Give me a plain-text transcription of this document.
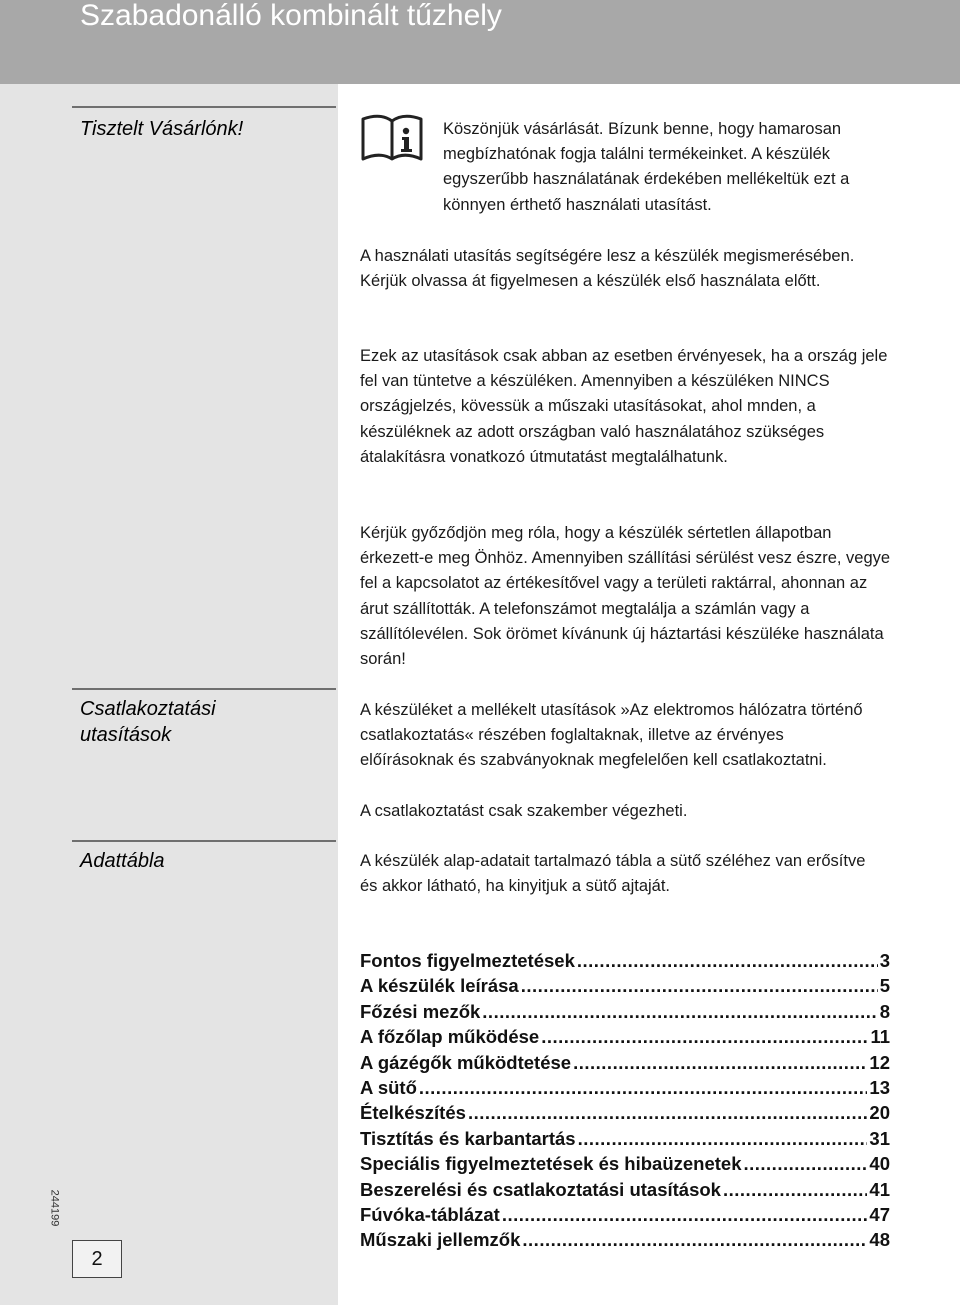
Szabadonálló kombinált tűzhely
Tisztelt Vásárlónk!	Köszönjük vásárlását. Bízunk benne, hogy hamarosan megbízhatónak fogja találni termékeinket. A készülék egyszerűbb használatának érdekében mellékeltük ezt a könnyen érthető használati utasítást.

A használati utasítás segítségére lesz a készülék megismerésében. Kérjük olvassa át figyelmesen a készülék első használata előtt.

Ezek az utasítások csak abban az esetben érvényesek, ha a ország jele fel van tüntetve a készüléken. Amennyiben a készüléken NINCS országjelzés, kövessük a műszaki utasításokat, ahol mnden, a készüléknek az adott országban való használatához szükséges átalakításra vonatkozó útmutatást megtalálhatunk.

Kérjük győződjön meg róla, hogy a készülék sértetlen állapotban érkezett-e meg Önhöz. Amennyiben szállítási sérülést vesz észre, vegye fel a kapcsolatot az értékesítővel vagy a területi raktárral, ahonnan az árut szállították. A telefonszámot megtalálja a számlán vagy a szállítólevélen. Sok örömet kívánunk új háztartási készüléke használata során!

Csatlakoztatási
utasítások

A készüléket a mellékelt utasítások »Az elektromos hálózatra történő csatlakoztatás« részében foglaltaknak, illetve az érvényes előírásoknak és szabványoknak megfelelően kell csatlakoztatni.

A csatlakoztatást csak szakember végezheti.

Adattábla	A készülék alap-adatait tartalmazó tábla a sütő széléhez van erősítve és akkor látható, ha kinyitjuk a sütő ajtaját.

Fontos figyelmeztetések .....	3
A készülék leírása .....	5
Főzési mezők .....	8
A főzőlap működése .....	11
A gázégők működtetése .....	12
A sütő .....	13
Ételkészítés .....	20
Tisztítás és karbantartás .....	31
Speciális figyelmeztetések és hibaüzenetek .....	40
Beszerelési és csatlakoztatási utasítások .....	41
Fúvóka-táblázat .....	47
Műszaki jellemzők .....	48
244199
2
